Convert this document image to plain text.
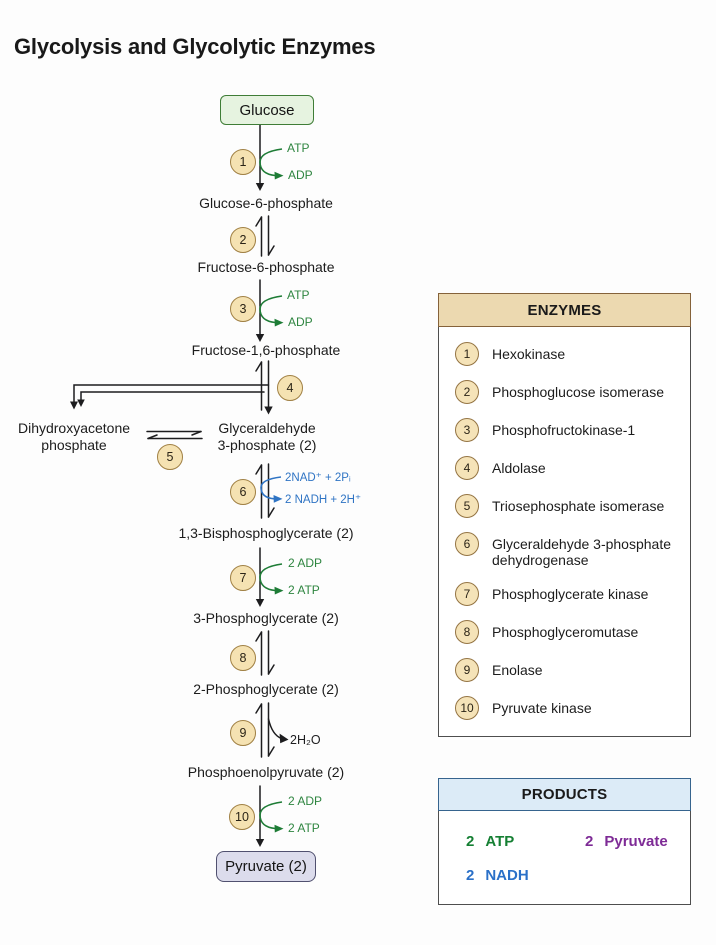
Glycolysis and Glycolytic Enzymes
Glucose
Glucose-6-phosphate
Fructose-6-phosphate
Fructose-1,6-phosphate
Dihydroxyacetone
phosphate
Glyceraldehyde
3-phosphate (2)
1,3-Bisphosphoglycerate (2)
3-Phosphoglycerate (2)
2-Phosphoglycerate (2)
Phosphoenolpyruvate (2)
Pyruvate (2)
1
2
3
4
5
6
7
8
9
10
ATP
ADP
ATP
ADP
2NAD⁺ + 2Pᵢ
2 NADH + 2H⁺
2 ADP
2 ATP
2H₂O
2 ADP
2 ATP
ENZYMES
1	Hexokinase
2	Phosphoglucose isomerase
3	Phosphofructokinase-1
4	Aldolase
5	Triosephosphate isomerase
6	Glyceraldehyde 3-phosphate dehydrogenase
7	Phosphoglycerate kinase
8	Phosphoglyceromutase
9	Enolase
10	Pyruvate kinase
PRODUCTS
2 ATP	2 Pyruvate
2 NADH
